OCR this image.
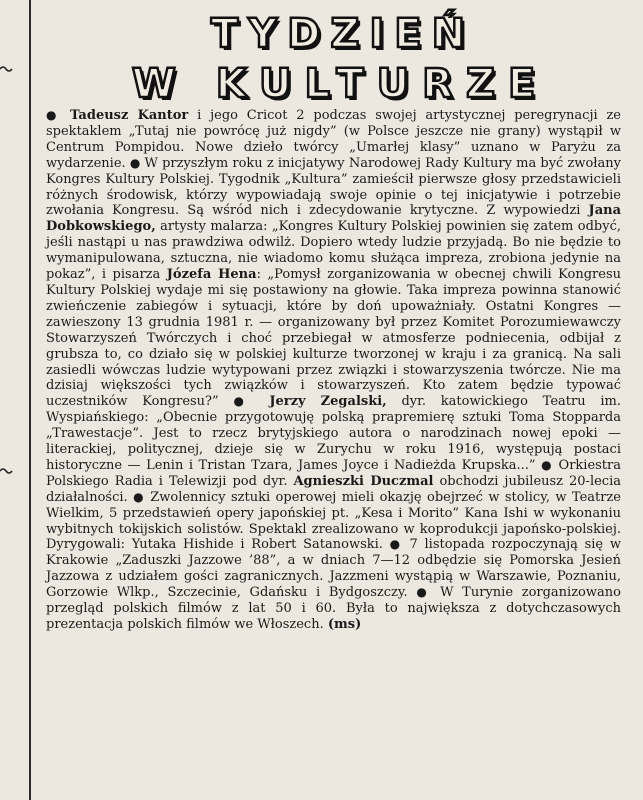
TYDZIEŃ
W KULTURZE
● Tadeusz Kantor i jego Cricot 2 podczas swojej artystycznej peregrynacji ze spektaklem „Tutaj nie powrócę już nigdy” (w Polsce jeszcze nie grany) wystąpił w Centrum Pompidou. Nowe dzieło twórcy „Umarłej klasy” uznano w Paryżu za wydarzenie. ● W przyszłym roku z inicjatywy Narodowej Rady Kultury ma być zwołany Kongres Kultury Polskiej. Tygodnik „Kultura” zamieścił pierwsze głosy przedstawicieli różnych środowisk, którzy wypowiadają swoje opinie o tej inicjatywie i potrzebie zwołania Kongresu. Są wśród nich i zdecydowanie krytyczne. Z wypowiedzi Jana Dobkowskiego, artysty malarza: „Kongres Kultury Polskiej powinien się zatem odbyć, jeśli nastąpi u nas prawdziwa odwilż. Dopiero wtedy ludzie przyjadą. Bo nie będzie to wymanipulowana, sztuczna, nie wiadomo komu służąca impreza, zrobiona jedynie na pokaz”, i pisarza Józefa Hena: „Pomysł zorganizowania w obecnej chwili Kongresu Kultury Polskiej wydaje mi się postawiony na głowie. Taka impreza powinna stanowić zwieńczenie zabiegów i sytuacji, które by doń upoważniały. Ostatni Kongres — zawieszony 13 grudnia 1981 r. — organizowany był przez Komitet Porozumiewawczy Stowarzyszeń Twórczych i choć przebiegał w atmosferze podniecenia, odbijał z grubsza to, co działo się w polskiej kulturze tworzonej w kraju i za granicą. Na sali zasiedli wówczas ludzie wytypowani przez związki i stowarzyszenia twórcze. Nie ma dzisiaj większości tych związków i stowarzyszeń. Kto zatem będzie typować uczestników Kongresu?” ● Jerzy Zegalski, dyr. katowickiego Teatru im. Wyspiańskiego: „Obecnie przygotowuję polską prapremierę sztuki Toma Stopparda „Trawestacje”. Jest to rzecz brytyjskiego autora o narodzinach nowej epoki — literackiej, politycznej, dzieje się w Zurychu w roku 1916, występują postaci historyczne — Lenin i Tristan Tzara, James Joyce i Nadieżda Krupska...” ● Orkiestra Polskiego Radia i Telewizji pod dyr. Agnieszki Duczmal obchodzi jubileusz 20-lecia działalności. ● Zwolennicy sztuki operowej mieli okazję obejrzeć w stolicy, w Teatrze Wielkim, 5 przedstawień opery japońskiej pt. „Kesa i Morito” Kana Ishi w wykonaniu wybitnych tokijskich solistów. Spektakl zrealizowano w koprodukcji japońsko-polskiej. Dyrygowali: Yutaka Hishide i Robert Satanowski. ● 7 listopada rozpoczynają się w Krakowie „Zaduszki Jazzowe ’88”, a w dniach 7—12 odbędzie się Pomorska Jesień Jazzowa z udziałem gości zagranicznych. Jazzmeni wystąpią w Warszawie, Poznaniu, Gorzowie Wlkp., Szczecinie, Gdańsku i Bydgoszczy. ● W Turynie zorganizowano przegląd polskich filmów z lat 50 i 60. Była to największa z dotychczasowych prezentacja polskich filmów we Włoszech. (ms)
